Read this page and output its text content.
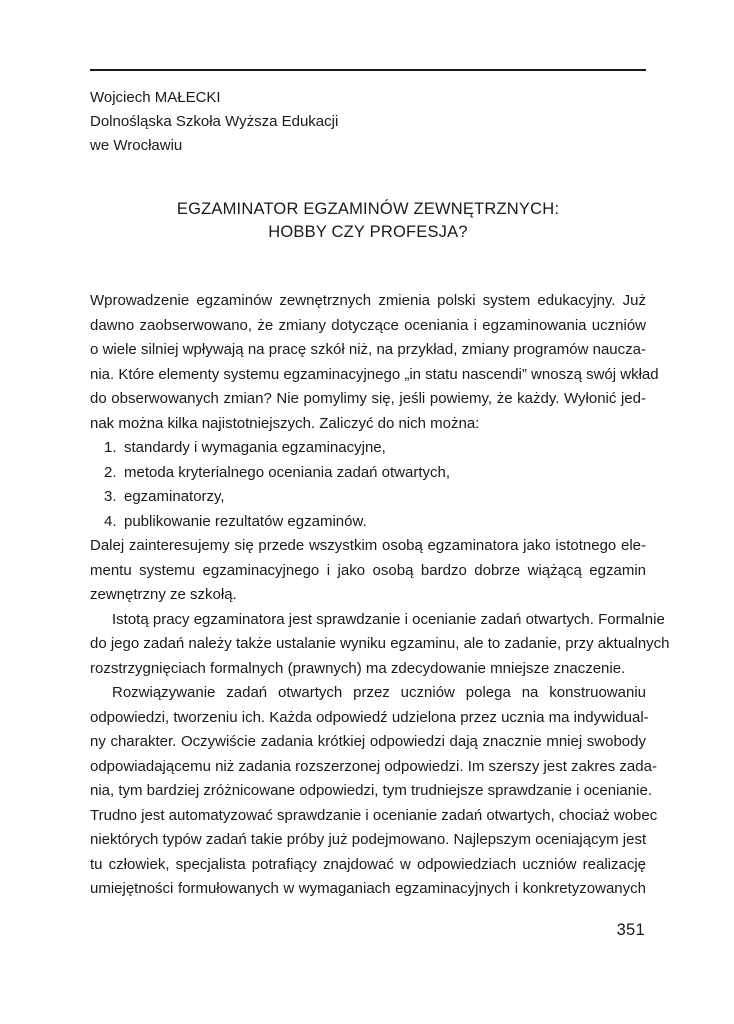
Wojciech MAŁECKI
Dolnośląska Szkoła Wyższa Edukacji
we Wrocławiu
EGZAMINATOR EGZAMINÓW ZEWNĘTRZNYCH:
HOBBY CZY PROFESJA?
Wprowadzenie egzaminów zewnętrznych zmienia polski system edukacyjny. Już
dawno zaobserwowano, że zmiany dotyczące oceniania i egzaminowania uczniów
o wiele silniej wpływają na pracę szkół niż, na przykład, zmiany programów naucza-
nia. Które elementy systemu egzaminacyjnego „in statu nascendi” wnoszą swój wkład
do obserwowanych zmian? Nie pomylimy się, jeśli powiemy, że każdy. Wyłonić jed-
nak można kilka najistotniejszych. Zaliczyć do nich można:
1. standardy i wymagania egzaminacyjne,
2. metoda kryterialnego oceniania zadań otwartych,
3. egzaminatorzy,
4. publikowanie rezultatów egzaminów.
Dalej zainteresujemy się przede wszystkim osobą egzaminatora jako istotnego ele-
mentu systemu egzaminacyjnego i jako osobą bardzo dobrze wiążącą egzamin
zewnętrzny ze szkołą.
Istotą pracy egzaminatora jest sprawdzanie i ocenianie zadań otwartych. Formalnie
do jego zadań należy także ustalanie wyniku egzaminu, ale to zadanie, przy aktualnych
rozstrzygnięciach formalnych (prawnych) ma zdecydowanie mniejsze znaczenie.
Rozwiązywanie zadań otwartych przez uczniów polega na konstruowaniu
odpowiedzi, tworzeniu ich. Każda odpowiedź udzielona przez ucznia ma indywidual-
ny charakter. Oczywiście zadania krótkiej odpowiedzi dają znacznie mniej swobody
odpowiadającemu niż zadania rozszerzonej odpowiedzi. Im szerszy jest zakres zada-
nia, tym bardziej zróżnicowane odpowiedzi, tym trudniejsze sprawdzanie i ocenianie.
Trudno jest automatyzować sprawdzanie i ocenianie zadań otwartych, chociaż wobec
niektórych typów zadań takie próby już podejmowano. Najlepszym oceniającym jest
tu człowiek, specjalista potrafiący znajdować w odpowiedziach uczniów realizację
umiejętności formułowanych w wymaganiach egzaminacyjnych i konkretyzowanych
351
